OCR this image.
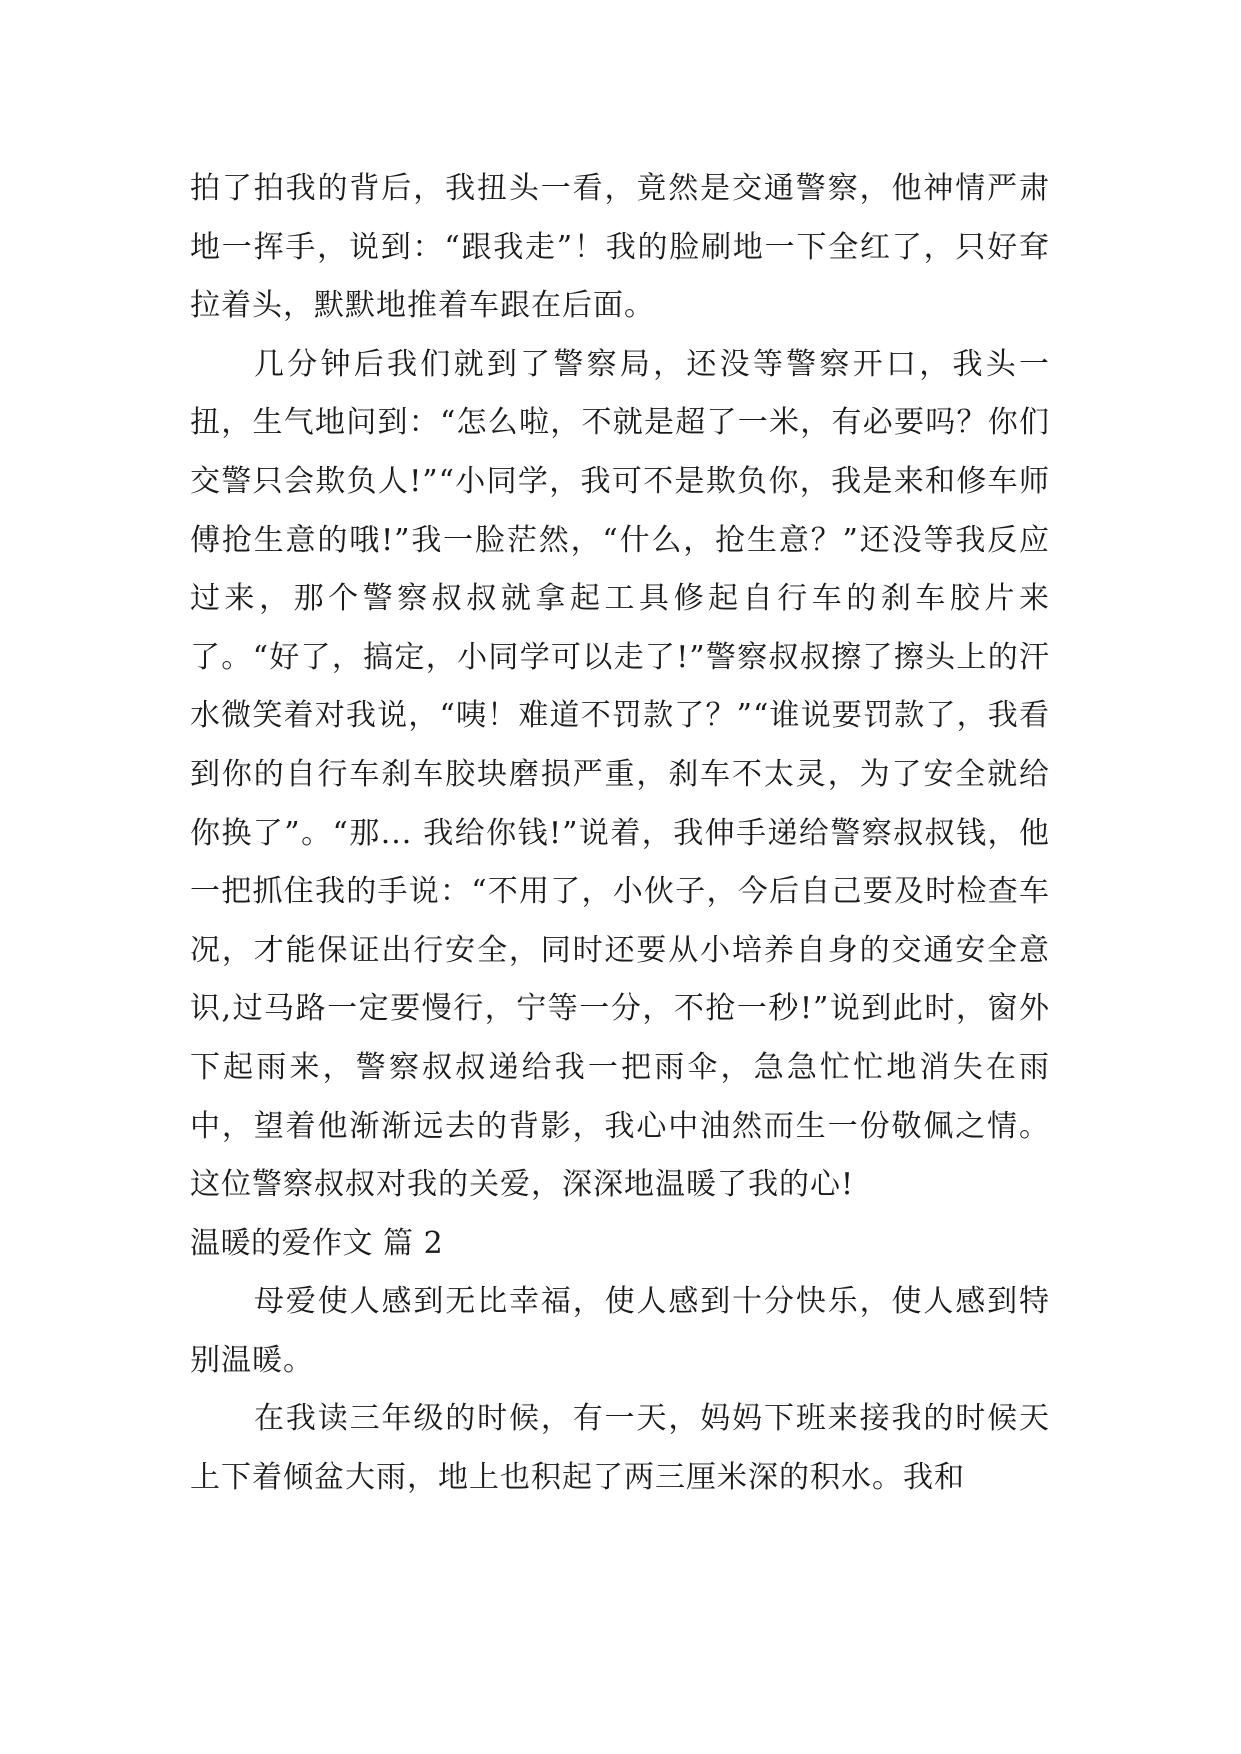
拍了拍我的背后，我扭头一看，竟然是交通警察，他神情严肃地一挥手，说到：“跟我走”！我的脸刷地一下全红了，只好耷拉着头，默默地推着车跟在后面。

几分钟后我们就到了警察局，还没等警察开口，我头一扭，生气地问到：“怎么啦，不就是超了一米，有必要吗？你们交警只会欺负人!”“小同学，我可不是欺负你，我是来和修车师傅抢生意的哦!”我一脸茫然，“什么，抢生意？”还没等我反应过来，那个警察叔叔就拿起工具修起自行车的刹车胶片来了。“好了，搞定，小同学可以走了!”警察叔叔擦了擦头上的汗水微笑着对我说，“咦！难道不罚款了？”“谁说要罚款了，我看到你的自行车刹车胶块磨损严重，刹车不太灵，为了安全就给你换了”。“那... 我给你钱!”说着，我伸手递给警察叔叔钱，他一把抓住我的手说：“不用了，小伙子，今后自己要及时检查车况，才能保证出行安全，同时还要从小培养自身的交通安全意识,过马路一定要慢行，宁等一分，不抢一秒!”说到此时，窗外下起雨来，警察叔叔递给我一把雨伞，急急忙忙地消失在雨中，望着他渐渐远去的背影，我心中油然而生一份敬佩之情。这位警察叔叔对我的关爱，深深地温暖了我的心!

温暖的爱作文 篇 2

母爱使人感到无比幸福，使人感到十分快乐，使人感到特别温暖。

在我读三年级的时候，有一天，妈妈下班来接我的时候天上下着倾盆大雨，地上也积起了两三厘米深的积水。我和
